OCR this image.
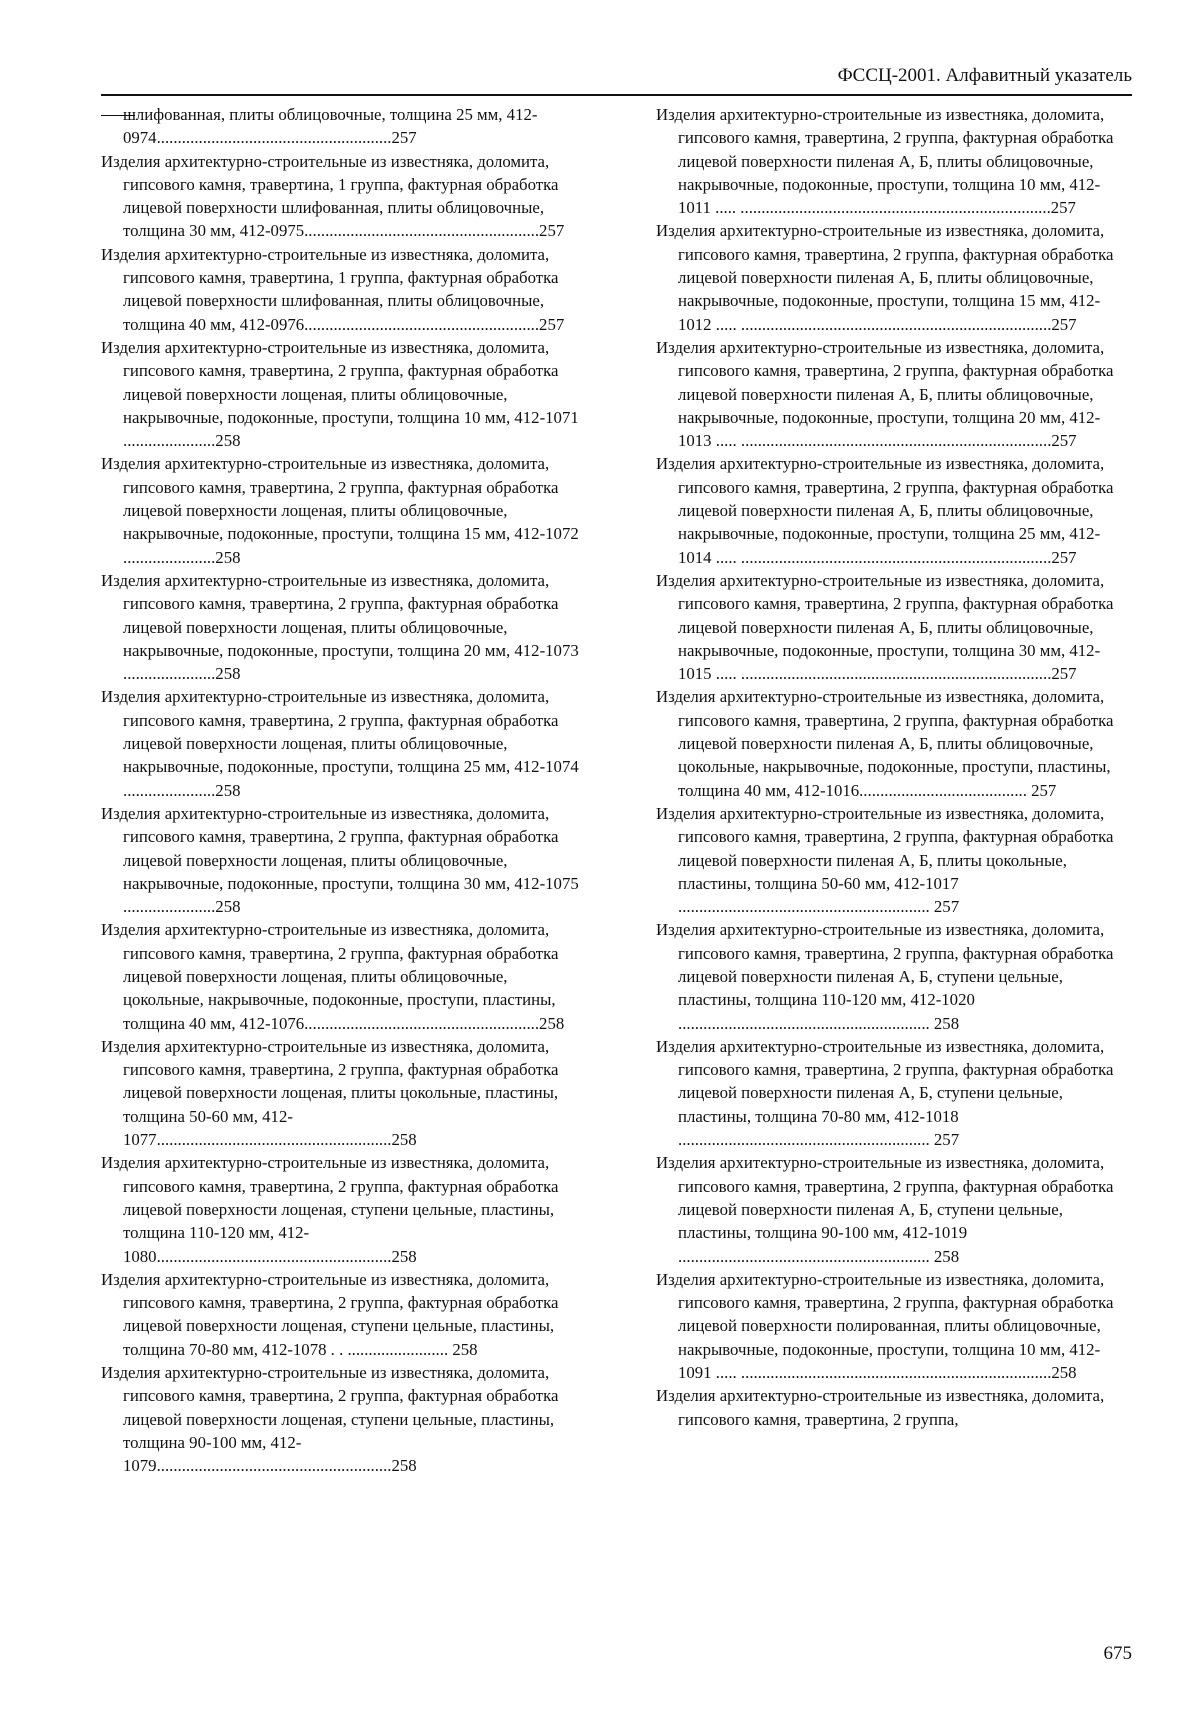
ФССЦ-2001. Алфавитный указатель

шлифованная, плиты облицовочные, толщина 25 мм, 412-0974........................................................257

Изделия архитектурно-строительные из известняка, доломита, гипсового камня, травертина, 1 группа, фактурная обработка лицевой поверхности шлифованная, плиты облицовочные, толщина 30 мм, 412-0975........................................................257

Изделия архитектурно-строительные из известняка, доломита, гипсового камня, травертина, 1 группа, фактурная обработка лицевой поверхности шлифованная, плиты облицовочные, толщина 40 мм, 412-0976........................................................257

Изделия архитектурно-строительные из известняка, доломита, гипсового камня, травертина, 2 группа, фактурная обработка лицевой поверхности лощеная, плиты облицовочные, накрывочные, подоконные, проступи, толщина 10 мм, 412-1071 ......................258

Изделия архитектурно-строительные из известняка, доломита, гипсового камня, травертина, 2 группа, фактурная обработка лицевой поверхности лощеная, плиты облицовочные, накрывочные, подоконные, проступи, толщина 15 мм, 412-1072 ......................258

Изделия архитектурно-строительные из известняка, доломита, гипсового камня, травертина, 2 группа, фактурная обработка лицевой поверхности лощеная, плиты облицовочные, накрывочные, подоконные, проступи, толщина 20 мм, 412-1073 ......................258

Изделия архитектурно-строительные из известняка, доломита, гипсового камня, травертина, 2 группа, фактурная обработка лицевой поверхности лощеная, плиты облицовочные, накрывочные, подоконные, проступи, толщина 25 мм, 412-1074 ......................258

Изделия архитектурно-строительные из известняка, доломита, гипсового камня, травертина, 2 группа, фактурная обработка лицевой поверхности лощеная, плиты облицовочные, накрывочные, подоконные, проступи, толщина 30 мм, 412-1075 ......................258

Изделия архитектурно-строительные из известняка, доломита, гипсового камня, травертина, 2 группа, фактурная обработка лицевой поверхности лощеная, плиты облицовочные, цокольные, накрывочные, подоконные, проступи, пластины, толщина 40 мм, 412-1076........................................................258

Изделия архитектурно-строительные из известняка, доломита, гипсового камня, травертина, 2 группа, фактурная обработка лицевой поверхности лощеная, плиты цокольные, пластины, толщина 50-60 мм, 412-1077........................................................258

Изделия архитектурно-строительные из известняка, доломита, гипсового камня, травертина, 2 группа, фактурная обработка лицевой поверхности лощеная, ступени цельные, пластины, толщина 110-120 мм, 412-1080........................................................258

Изделия архитектурно-строительные из известняка, доломита, гипсового камня, травертина, 2 группа, фактурная обработка лицевой поверхности лощеная, ступени цельные, пластины, толщина 70-80 мм, 412-1078 . . ........................ 258

Изделия архитектурно-строительные из известняка, доломита, гипсового камня, травертина, 2 группа, фактурная обработка лицевой поверхности лощеная, ступени цельные, пластины, толщина 90-100 мм, 412-1079........................................................258

Изделия архитектурно-строительные из известняка, доломита, гипсового камня, травертина, 2 группа, фактурная обработка лицевой поверхности пиленая А, Б, плиты облицовочные, накрывочные, подоконные, проступи, толщина 10 мм, 412-1011 ..... ..........................................................................257

Изделия архитектурно-строительные из известняка, доломита, гипсового камня, травертина, 2 группа, фактурная обработка лицевой поверхности пиленая А, Б, плиты облицовочные, накрывочные, подоконные, проступи, толщина 15 мм, 412-1012 ..... ..........................................................................257

Изделия архитектурно-строительные из известняка, доломита, гипсового камня, травертина, 2 группа, фактурная обработка лицевой поверхности пиленая А, Б, плиты облицовочные, накрывочные, подоконные, проступи, толщина 20 мм, 412-1013 ..... ..........................................................................257

Изделия архитектурно-строительные из известняка, доломита, гипсового камня, травертина, 2 группа, фактурная обработка лицевой поверхности пиленая А, Б, плиты облицовочные, накрывочные, подоконные, проступи, толщина 25 мм, 412-1014 ..... ..........................................................................257

Изделия архитектурно-строительные из известняка, доломита, гипсового камня, травертина, 2 группа, фактурная обработка лицевой поверхности пиленая А, Б, плиты облицовочные, накрывочные, подоконные, проступи, толщина 30 мм, 412-1015 ..... ..........................................................................257

Изделия архитектурно-строительные из известняка, доломита, гипсового камня, травертина, 2 группа, фактурная обработка лицевой поверхности пиленая А, Б, плиты облицовочные, цокольные, накрывочные, подоконные, проступи, пластины, толщина 40 мм, 412-1016........................................ 257

Изделия архитектурно-строительные из известняка, доломита, гипсового камня, травертина, 2 группа, фактурная обработка лицевой поверхности пиленая А, Б, плиты цокольные, пластины, толщина 50-60 мм, 412-1017 ............................................................ 257

Изделия архитектурно-строительные из известняка, доломита, гипсового камня, травертина, 2 группа, фактурная обработка лицевой поверхности пиленая А, Б, ступени цельные, пластины, толщина 110-120 мм, 412-1020 ............................................................ 258

Изделия архитектурно-строительные из известняка, доломита, гипсового камня, травертина, 2 группа, фактурная обработка лицевой поверхности пиленая А, Б, ступени цельные, пластины, толщина 70-80 мм, 412-1018 ............................................................ 257

Изделия архитектурно-строительные из известняка, доломита, гипсового камня, травертина, 2 группа, фактурная обработка лицевой поверхности пиленая А, Б, ступени цельные, пластины, толщина 90-100 мм, 412-1019 ............................................................ 258

Изделия архитектурно-строительные из известняка, доломита, гипсового камня, травертина, 2 группа, фактурная обработка лицевой поверхности полированная, плиты облицовочные, накрывочные, подоконные, проступи, толщина 10 мм, 412-1091 ..... ..........................................................................258

Изделия архитектурно-строительные из известняка, доломита, гипсового камня, травертина, 2 группа,

675
